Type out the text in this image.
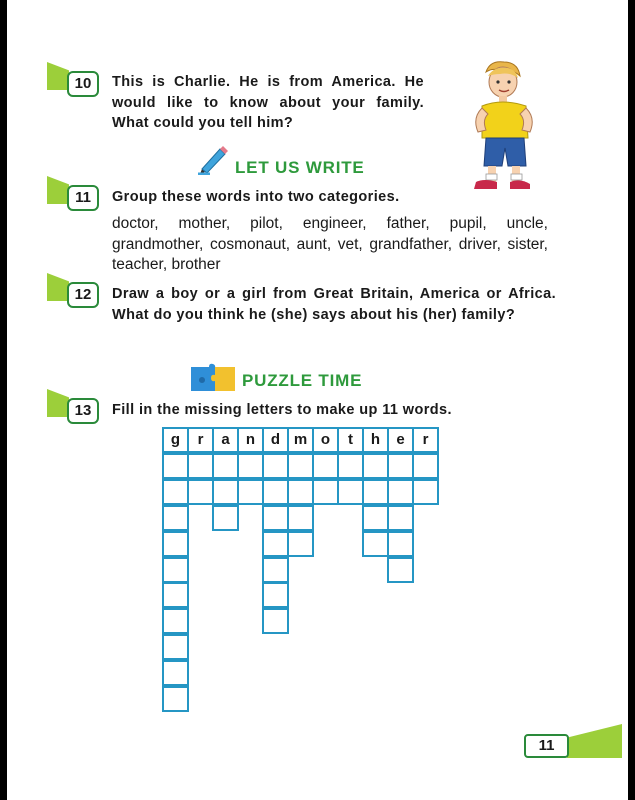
10	This is Charlie. He is from America. He would like to know about your family. What could you tell him?
LET US WRITE
11	Group these words into two categories.
doctor, mother, pilot, engineer, father, pupil, uncle, grandmother, cosmonaut, aunt, vet, grandfather, driver, sister, teacher, brother
12	Draw a boy or a girl from Great Britain, America or Africa. What do you think he (she) says about his (her) family?
PUZZLE TIME
13	Fill in the missing letters to make up 11 words.
g	r	a	n	d m o	t	h	e	r
11
